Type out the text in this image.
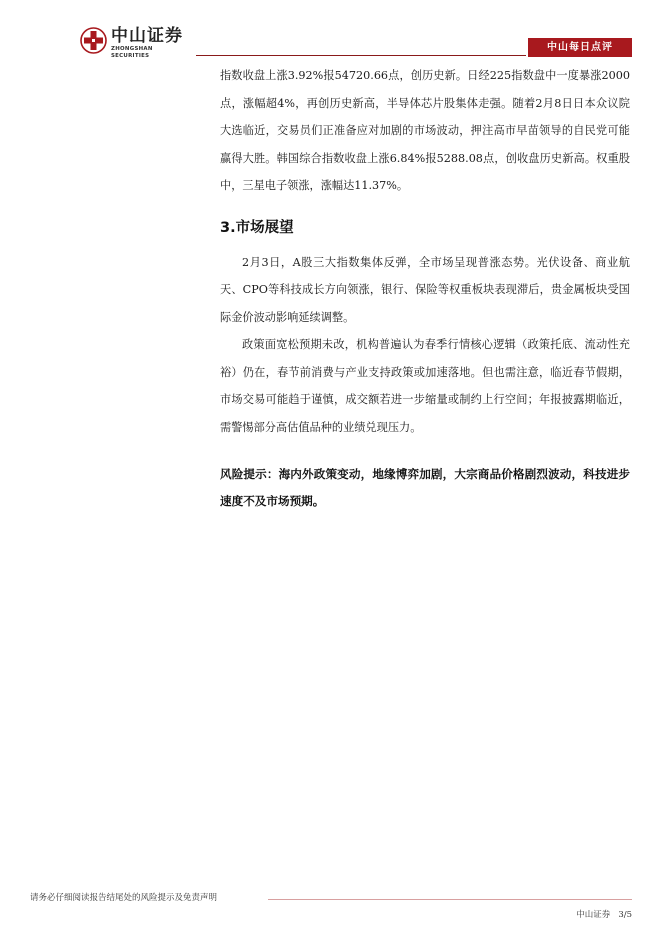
中山证券
ZHONGSHAN SECURITIES
中山每日点评

指数收盘上涨3.92%报54720.66点，创历史新。日经225指数盘中一度暴涨2000点，涨幅超4%，再创历史新高，半导体芯片股集体走强。随着2月8日日本众议院大选临近，交易员们正准备应对加剧的市场波动，押注高市早苗领导的自民党可能赢得大胜。韩国综合指数收盘上涨6.84%报5288.08点，创收盘历史新高。权重股中，三星电子领涨，涨幅达11.37%。

3.市场展望

2月3日，A股三大指数集体反弹，全市场呈现普涨态势。光伏设备、商业航天、CPO等科技成长方向领涨，银行、保险等权重板块表现滞后，贵金属板块受国际金价波动影响延续调整。

政策面宽松预期未改，机构普遍认为春季行情核心逻辑（政策托底、流动性充裕）仍在，春节前消费与产业支持政策或加速落地。但也需注意，临近春节假期，市场交易可能趋于谨慎，成交额若进一步缩量或制约上行空间；年报披露期临近，需警惕部分高估值品种的业绩兑现压力。

风险提示：海内外政策变动，地缘博弈加剧，大宗商品价格剧烈波动，科技进步速度不及市场预期。

请务必仔细阅读报告结尾处的风险提示及免责声明
中山证券 3/5
